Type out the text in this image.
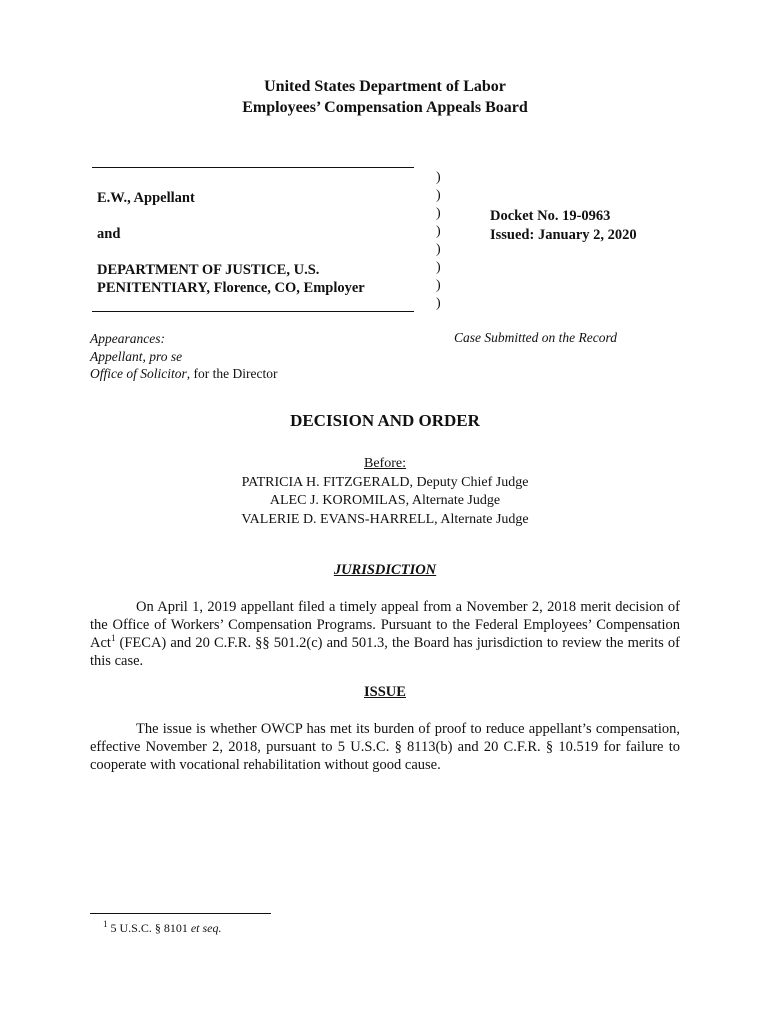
United States Department of Labor
Employees’ Compensation Appeals Board
E.W., Appellant
and
DEPARTMENT OF JUSTICE, U.S.
PENITENTIARY, Florence, CO, Employer
)
)
)
)
)
)
)
)
Docket No. 19-0963
Issued: January 2, 2020
Appearances:
Appellant, pro se
Office of Solicitor, for the Director
Case Submitted on the Record
DECISION AND ORDER
Before:
PATRICIA H. FITZGERALD, Deputy Chief Judge
ALEC J. KOROMILAS, Alternate Judge
VALERIE D. EVANS-HARRELL, Alternate Judge
JURISDICTION
On April 1, 2019 appellant filed a timely appeal from a November 2, 2018 merit decision of the Office of Workers’ Compensation Programs. Pursuant to the Federal Employees’ Compensation Act$^1$ (FECA) and 20 C.F.R. §§ 501.2(c) and 501.3, the Board has jurisdiction to review the merits of this case.
ISSUE
The issue is whether OWCP has met its burden of proof to reduce appellant’s compensation, effective November 2, 2018, pursuant to 5 U.S.C. § 8113(b) and 20 C.F.R. § 10.519 for failure to cooperate with vocational rehabilitation without good cause.
$^1$ 5 U.S.C. § 8101 et seq.
